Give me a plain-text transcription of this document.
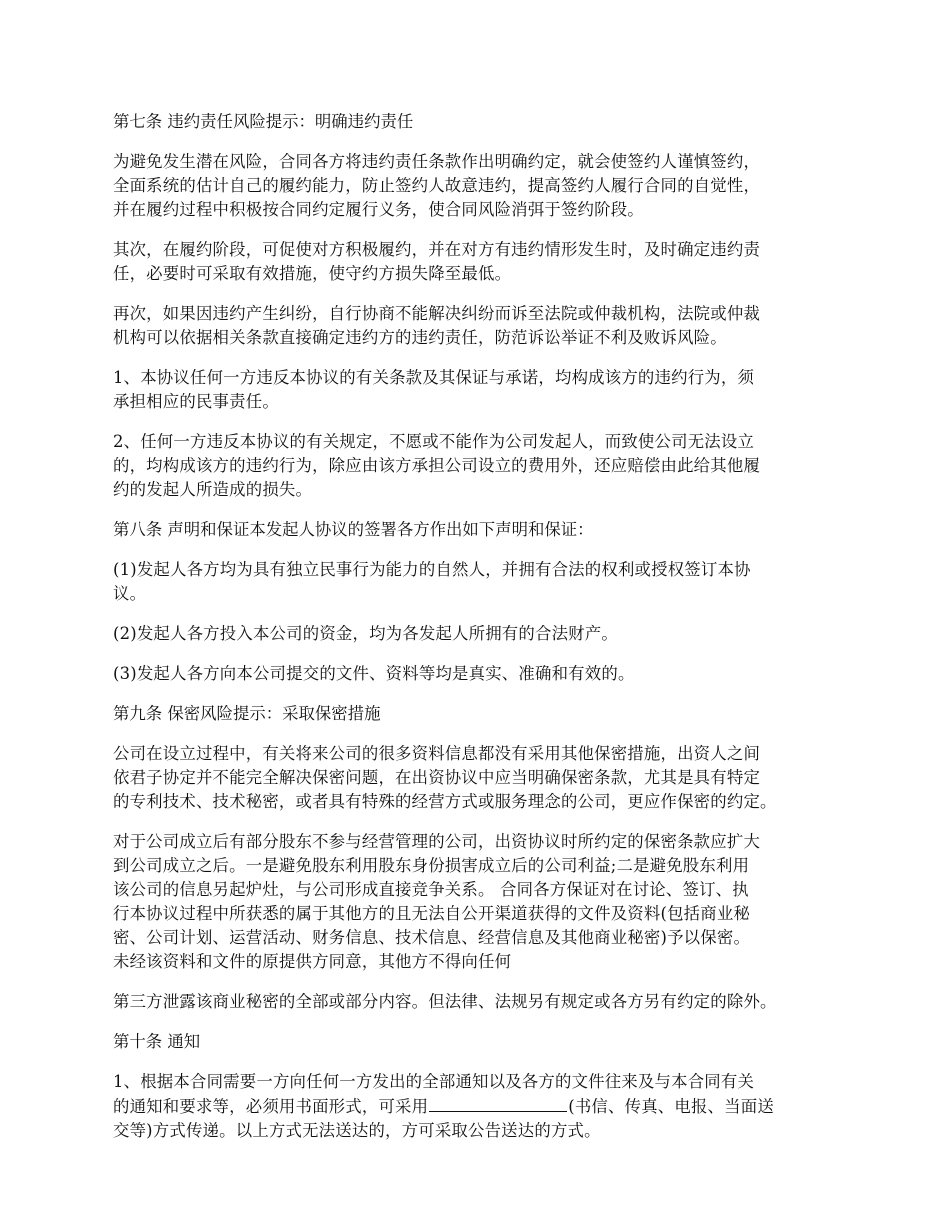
第七条 违约责任风险提示：明确违约责任

为避免发生潜在风险，合同各方将违约责任条款作出明确约定，就会使签约人谨慎签约，
全面系统的估计自己的履约能力，防止签约人故意违约，提高签约人履行合同的自觉性，
并在履约过程中积极按合同约定履行义务，使合同风险消弭于签约阶段。

其次，在履约阶段，可促使对方积极履约，并在对方有违约情形发生时，及时确定违约责
任，必要时可采取有效措施，使守约方损失降至最低。

再次，如果因违约产生纠纷，自行协商不能解决纠纷而诉至法院或仲裁机构，法院或仲裁
机构可以依据相关条款直接确定违约方的违约责任，防范诉讼举证不利及败诉风险。

1、本协议任何一方违反本协议的有关条款及其保证与承诺，均构成该方的违约行为，须
承担相应的民事责任。

2、任何一方违反本协议的有关规定，不愿或不能作为公司发起人，而致使公司无法设立
的，均构成该方的违约行为，除应由该方承担公司设立的费用外，还应赔偿由此给其他履
约的发起人所造成的损失。

第八条 声明和保证本发起人协议的签署各方作出如下声明和保证：

(1)发起人各方均为具有独立民事行为能力的自然人，并拥有合法的权利或授权签订本协
议。

(2)发起人各方投入本公司的资金，均为各发起人所拥有的合法财产。

(3)发起人各方向本公司提交的文件、资料等均是真实、准确和有效的。

第九条 保密风险提示：采取保密措施

公司在设立过程中，有关将来公司的很多资料信息都没有采用其他保密措施，出资人之间
依君子协定并不能完全解决保密问题，在出资协议中应当明确保密条款，尤其是具有特定
的专利技术、技术秘密，或者具有特殊的经营方式或服务理念的公司，更应作保密的约定。

对于公司成立后有部分股东不参与经营管理的公司，出资协议时所约定的保密条款应扩大
到公司成立之后。一是避免股东利用股东身份损害成立后的公司利益;二是避免股东利用
该公司的信息另起炉灶，与公司形成直接竞争关系。 合同各方保证对在讨论、签订、执
行本协议过程中所获悉的属于其他方的且无法自公开渠道获得的文件及资料(包括商业秘
密、公司计划、运营活动、财务信息、技术信息、经营信息及其他商业秘密)予以保密。
未经该资料和文件的原提供方同意，其他方不得向任何

第三方泄露该商业秘密的全部或部分内容。但法律、法规另有规定或各方另有约定的除外。

第十条 通知

1、根据本合同需要一方向任何一方发出的全部通知以及各方的文件往来及与本合同有关
的通知和要求等，必须用书面形式，可采用	(书信、传真、电报、当面送
交等)方式传递。以上方式无法送达的，方可采取公告送达的方式。
